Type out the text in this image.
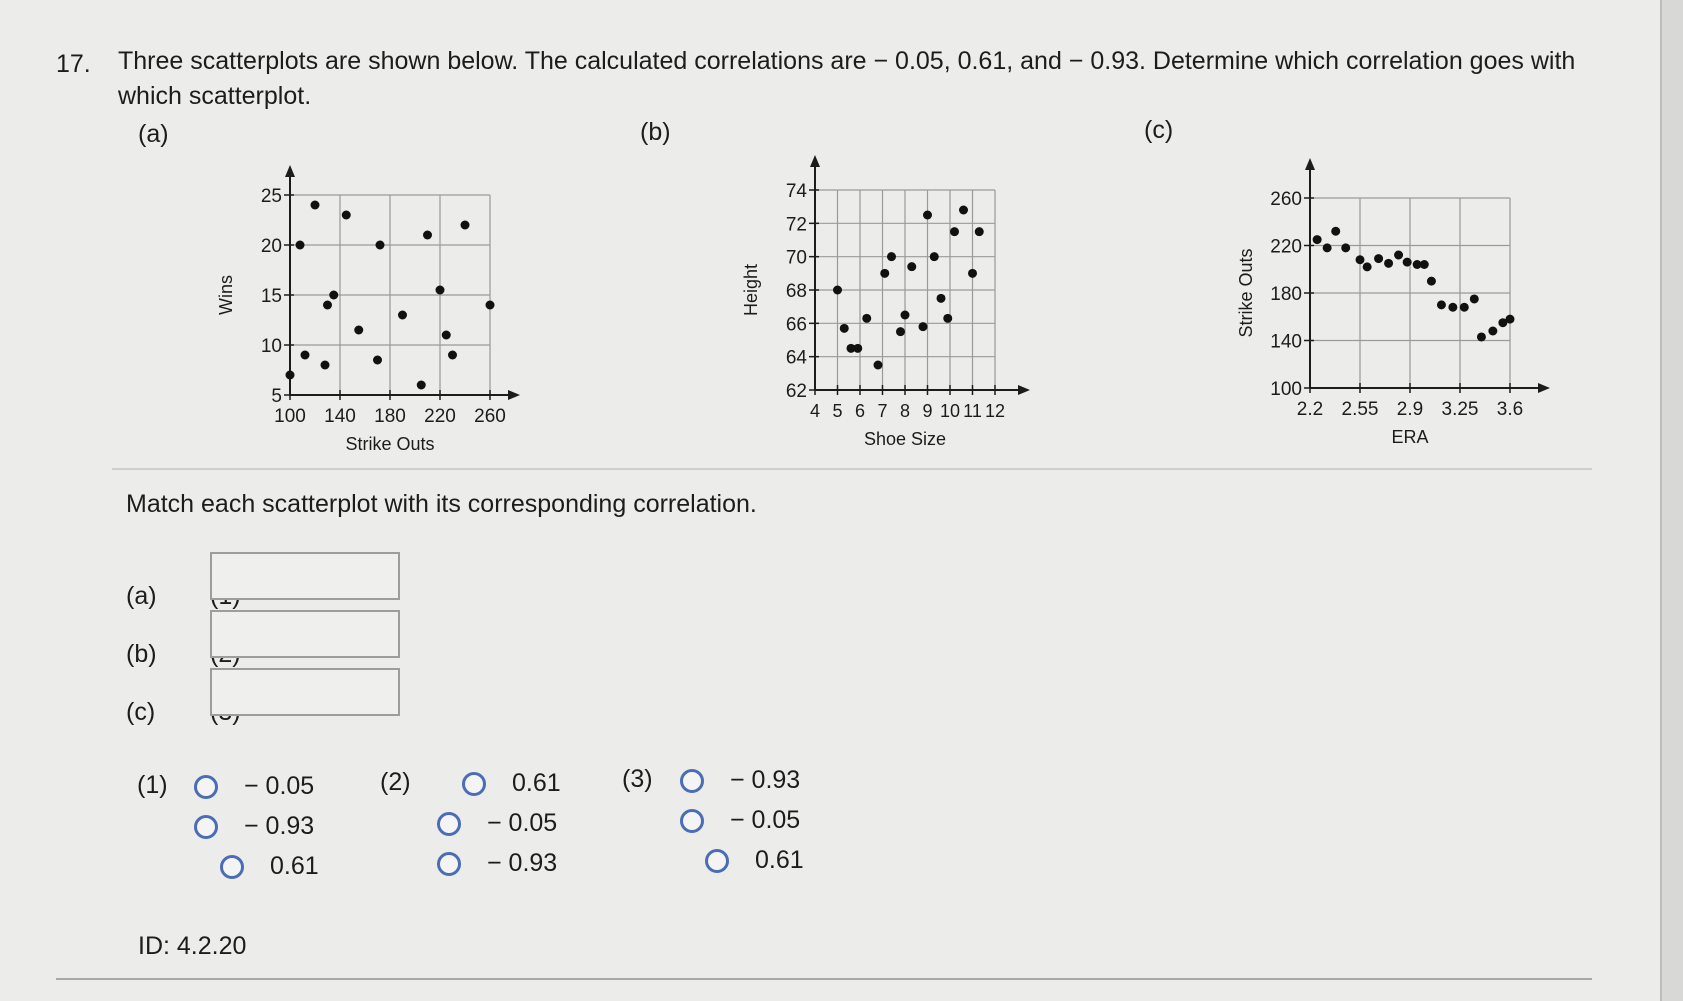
17. Three scatterplots are shown below. The calculated correlations are − 0.05, 0.61, and − 0.93. Determine which correlation goes with which scatterplot.
(a)	(b)	(c)
100 140 180 220 260
5
10
15
20
25
Strike Outs
Wins
4 5 6 7 8 9 10 11 12
62
64
66
68
70
72
74
Shoe Size
Height
2.2 2.55 2.9 3.25 3.6
100
140
180
220
260
ERA
Strike Outs
Match each scatterplot with its corresponding correlation.
(a)
(b)
(c)
(1)	− 0.05
− 0.93
0.61
(2)	0.61
− 0.05
− 0.93
(3)	− 0.93
− 0.05
0.61
ID: 4.2.20
